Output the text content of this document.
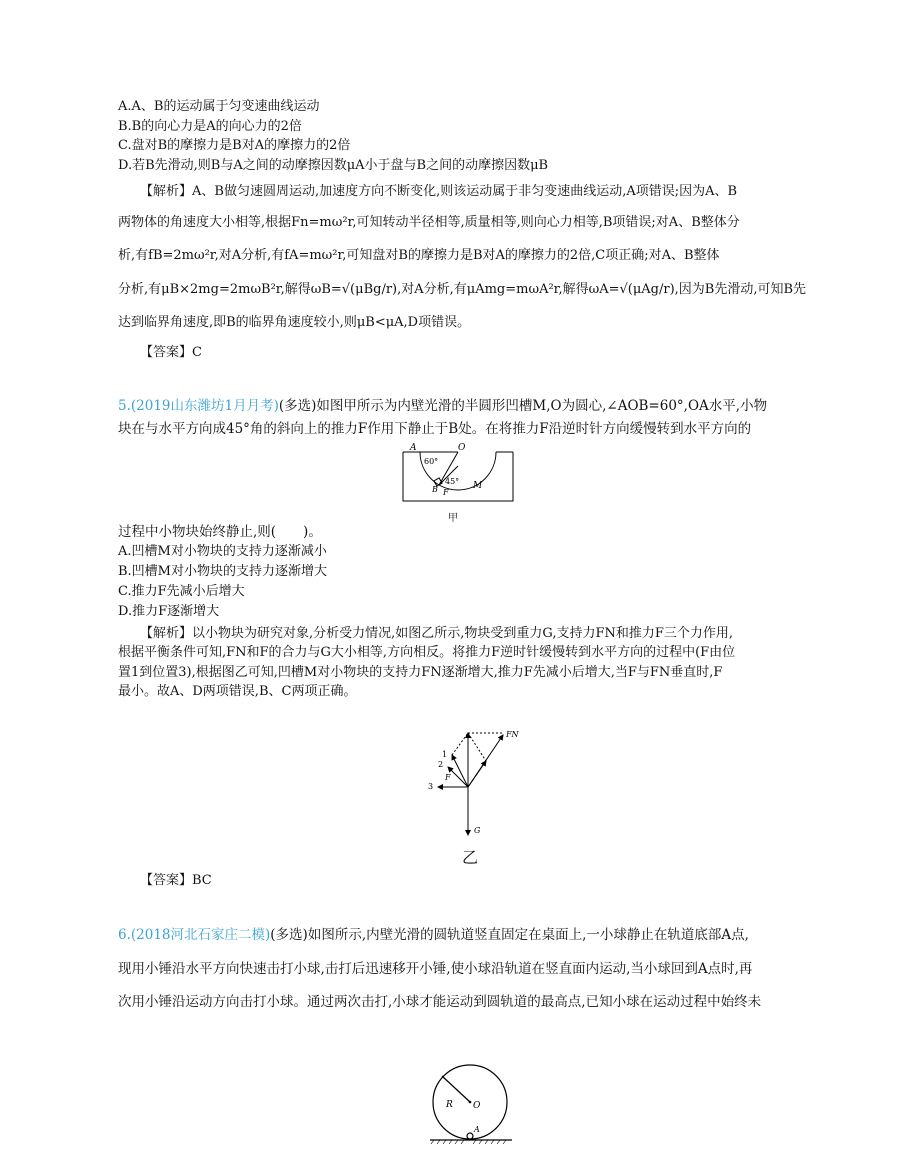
A.A、B的运动属于匀变速曲线运动
B.B的向心力是A的向心力的2倍
C.盘对B的摩擦力是B对A的摩擦力的2倍
D.若B先滑动,则B与A之间的动摩擦因数μA小于盘与B之间的动摩擦因数μB
【解析】A、B做匀速圆周运动,加速度方向不断变化,则该运动属于非匀变速曲线运动,A项错误;因为A、B
两物体的角速度大小相等,根据Fn=mω²r,可知转动半径相等,质量相等,则向心力相等,B项错误;对A、B整体分
析,有fB=2mω²r,对A分析,有fA=mω²r,可知盘对B的摩擦力是B对A的摩擦力的2倍,C项正确;对A、B整体
分析,有μB×2mg=2mωB²r,解得ωB=√(μBg/r),对A分析,有μAmg=mωA²r,解得ωA=√(μAg/r),因为B先滑动,可知B先
达到临界角速度,即B的临界角速度较小,则μB<μA,D项错误。
【答案】C
5.(2019山东潍坊1月月考)(多选)如图甲所示为内壁光滑的半圆形凹槽M,O为圆心,∠AOB=60°,OA水平,小物
块在与水平方向成45°角的斜向上的推力F作用下静止于B处。在将推力F沿逆时针方向缓慢转到水平方向的
A	O
60°
B F
45° M
甲
过程中小物块始终静止,则(　　)。
A.凹槽M对小物块的支持力逐渐减小
B.凹槽M对小物块的支持力逐渐增大
C.推力F先减小后增大
D.推力F逐渐增大
【解析】以小物块为研究对象,分析受力情况,如图乙所示,物块受到重力G,支持力FN和推力F三个力作用,
根据平衡条件可知,FN和F的合力与G大小相等,方向相反。将推力F逆时针缓慢转到水平方向的过程中(F由位
置1到位置3),根据图乙可知,凹槽M对小物块的支持力FN逐渐增大,推力F先减小后增大,当F与FN垂直时,F
最小。故A、D两项错误,B、C两项正确。
FN
1
2
3
F
G
乙
【答案】BC
6.(2018河北石家庄二模)(多选)如图所示,内壁光滑的圆轨道竖直固定在桌面上,一小球静止在轨道底部A点,
现用小锤沿水平方向快速击打小球,击打后迅速移开小锤,使小球沿轨道在竖直面内运动,当小球回到A点时,再
次用小锤沿运动方向击打小球。通过两次击打,小球才能运动到圆轨道的最高点,已知小球在运动过程中始终未
R O
A
